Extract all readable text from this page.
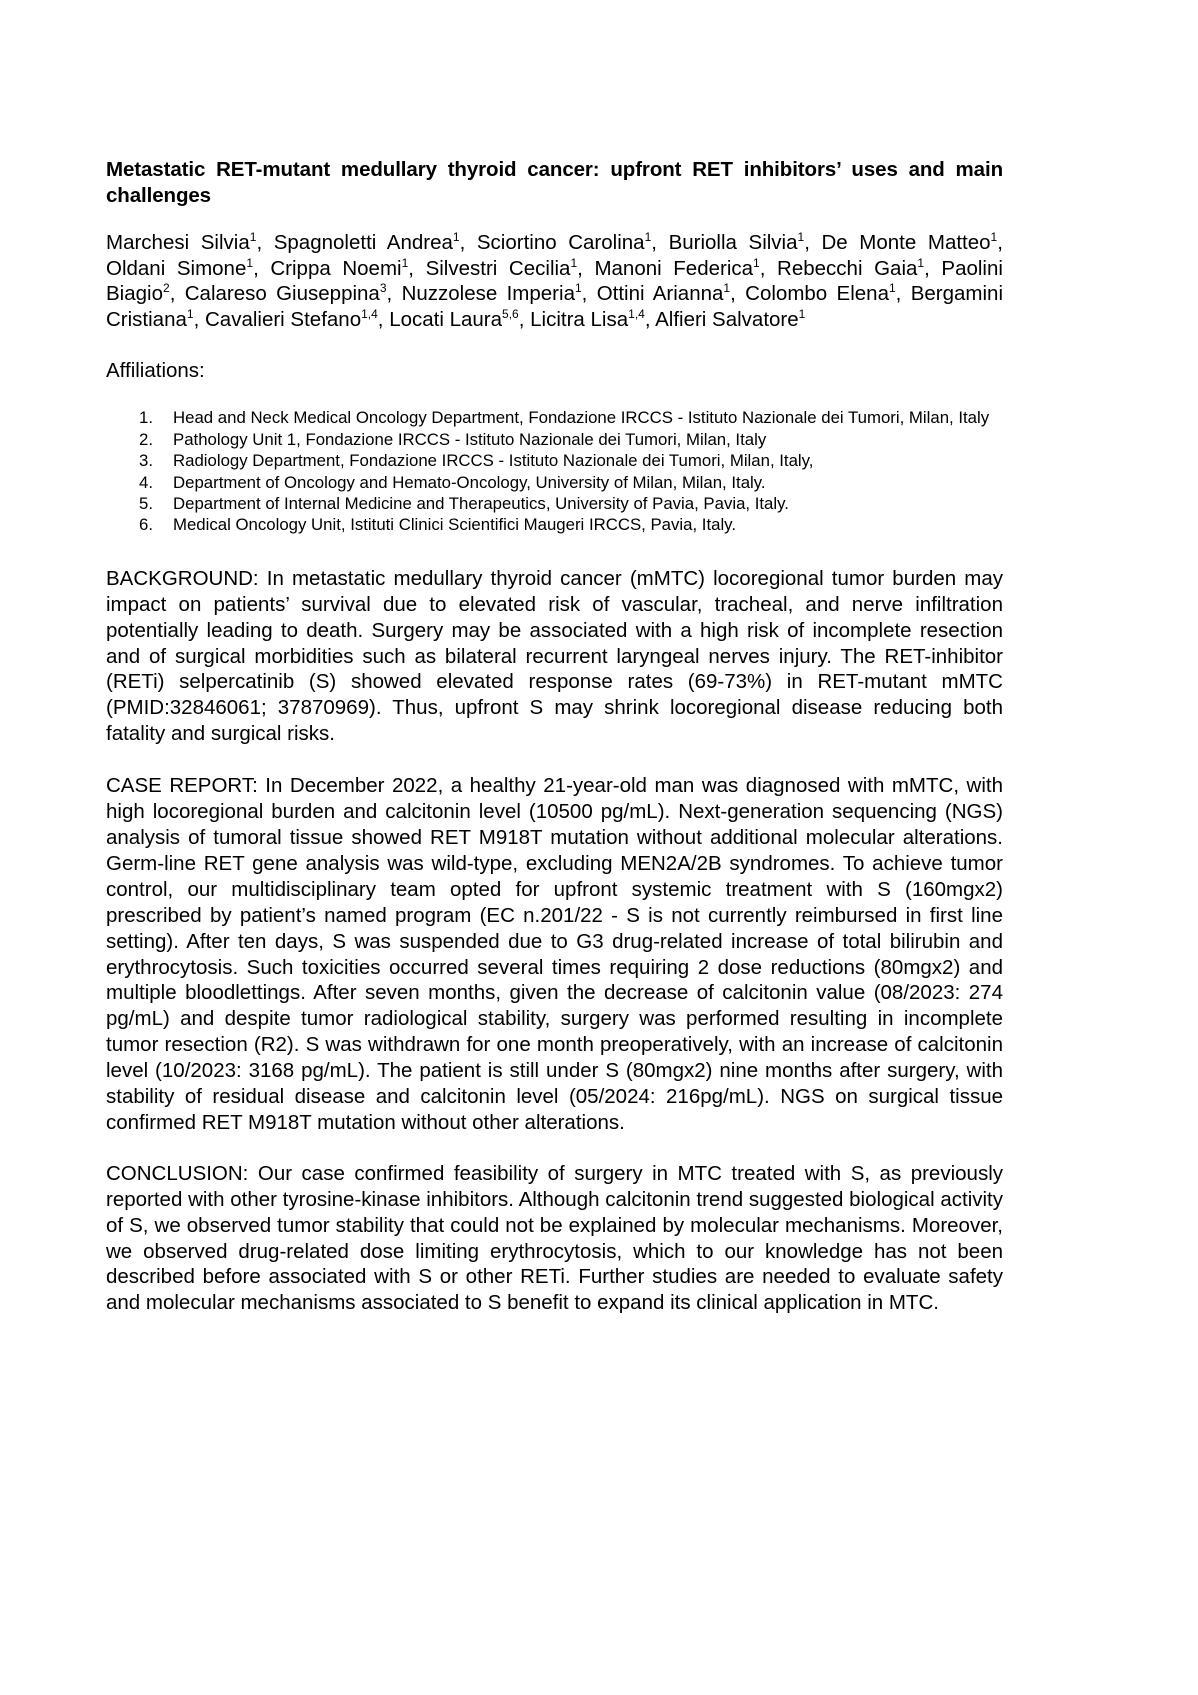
Metastatic RET-mutant medullary thyroid cancer: upfront RET inhibitors’ uses and main challenges

Marchesi Silvia$^1$, Spagnoletti Andrea$^1$, Sciortino Carolina$^1$, Buriolla Silvia$^1$, De Monte Matteo$^1$, Oldani Simone$^1$, Crippa Noemi$^1$, Silvestri Cecilia$^1$, Manoni Federica$^1$, Rebecchi Gaia$^1$, Paolini Biagio$^2$, Calareso Giuseppina$^3$, Nuzzolese Imperia$^1$, Ottini Arianna$^1$, Colombo Elena$^1$, Bergamini Cristiana$^1$, Cavalieri Stefano$^{1,4}$, Locati Laura$^{5,6}$, Licitra Lisa$^{1,4}$, Alfieri Salvatore$^1$

Affiliations:

1.	Head and Neck Medical Oncology Department, Fondazione IRCCS - Istituto Nazionale dei Tumori, Milan, Italy
2.	Pathology Unit 1, Fondazione IRCCS - Istituto Nazionale dei Tumori, Milan, Italy
3.	Radiology Department, Fondazione IRCCS - Istituto Nazionale dei Tumori, Milan, Italy,
4.	Department of Oncology and Hemato-Oncology, University of Milan, Milan, Italy.
5.	Department of Internal Medicine and Therapeutics, University of Pavia, Pavia, Italy.
6.	Medical Oncology Unit, Istituti Clinici Scientifici Maugeri IRCCS, Pavia, Italy.

BACKGROUND: In metastatic medullary thyroid cancer (mMTC) locoregional tumor burden may impact on patients’ survival due to elevated risk of vascular, tracheal, and nerve infiltration potentially leading to death. Surgery may be associated with a high risk of incomplete resection and of surgical morbidities such as bilateral recurrent laryngeal nerves injury. The RET-inhibitor (RETi) selpercatinib (S) showed elevated response rates (69-73%) in RET-mutant mMTC (PMID:32846061; 37870969). Thus, upfront S may shrink locoregional disease reducing both fatality and surgical risks.

CASE REPORT: In December 2022, a healthy 21-year-old man was diagnosed with mMTC, with high locoregional burden and calcitonin level (10500 pg/mL). Next-generation sequencing (NGS) analysis of tumoral tissue showed RET M918T mutation without additional molecular alterations. Germ-line RET gene analysis was wild-type, excluding MEN2A/2B syndromes. To achieve tumor control, our multidisciplinary team opted for upfront systemic treatment with S (160mgx2) prescribed by patient’s named program (EC n.201/22 - S is not currently reimbursed in first line setting). After ten days, S was suspended due to G3 drug-related increase of total bilirubin and erythrocytosis. Such toxicities occurred several times requiring 2 dose reductions (80mgx2) and multiple bloodlettings. After seven months, given the decrease of calcitonin value (08/2023: 274 pg/mL) and despite tumor radiological stability, surgery was performed resulting in incomplete tumor resection (R2). S was withdrawn for one month preoperatively, with an increase of calcitonin level (10/2023: 3168 pg/mL). The patient is still under S (80mgx2) nine months after surgery, with stability of residual disease and calcitonin level (05/2024: 216pg/mL). NGS on surgical tissue confirmed RET M918T mutation without other alterations.

CONCLUSION: Our case confirmed feasibility of surgery in MTC treated with S, as previously reported with other tyrosine-kinase inhibitors. Although calcitonin trend suggested biological activity of S, we observed tumor stability that could not be explained by molecular mechanisms. Moreover, we observed drug-related dose limiting erythrocytosis, which to our knowledge has not been described before associated with S or other RETi. Further studies are needed to evaluate safety and molecular mechanisms associated to S benefit to expand its clinical application in MTC.
